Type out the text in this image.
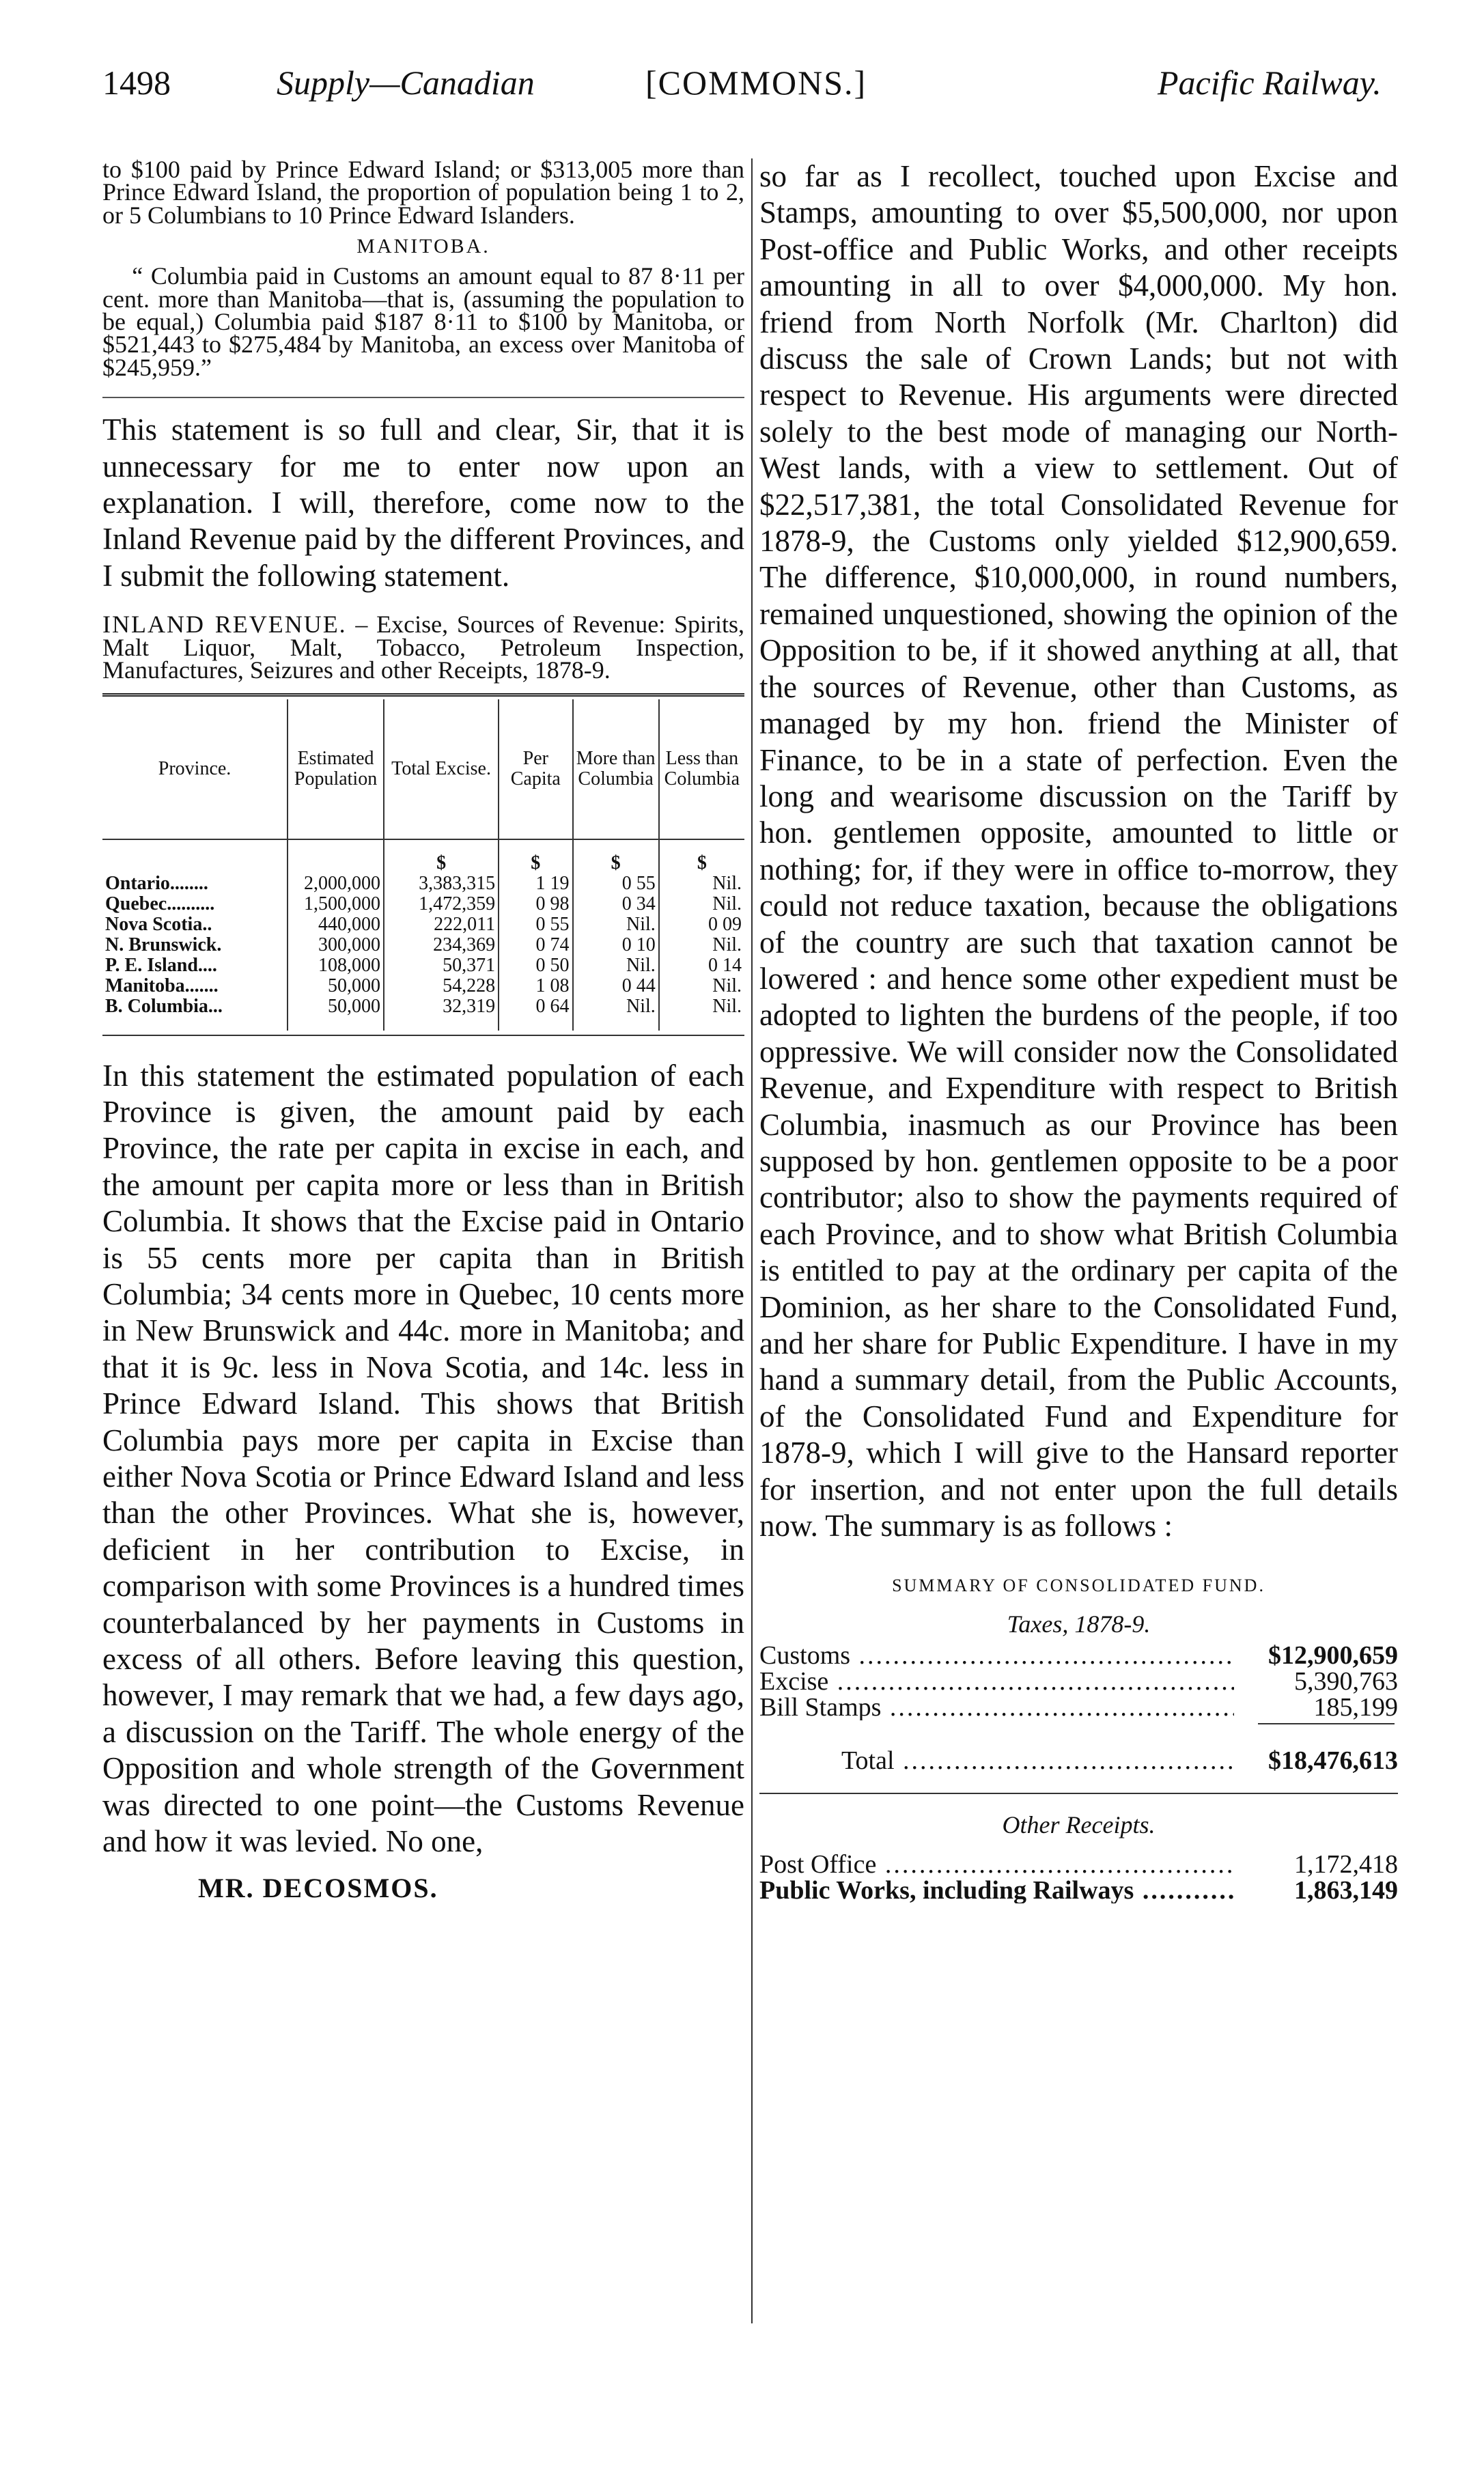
1498	Supply—Canadian	[COMMONS.]	Pacific Railway.

to $100 paid by Prince Edward Island; or $313,005 more than Prince Edward Island, the proportion of population being 1 to 2, or 5 Columbians to 10 Prince Edward Islanders.

MANITOBA.

“ Columbia paid in Customs an amount equal to 87 8·11 per cent. more than Manitoba—that is, (assuming the population to be equal,) Columbia paid $187 8·11 to $100 by Manitoba, or $521,443 to $275,484 by Manitoba, an excess over Manitoba of $245,959.”

This statement is so full and clear, Sir, that it is unnecessary for me to enter now upon an explanation. I will, therefore, come now to the Inland Revenue paid by the different Provinces, and I submit the following statement.

INLAND REVENUE. – Excise, Sources of Revenue: Spirits, Malt Liquor, Malt, Tobacco, Petroleum Inspection, Manufactures, Seizures and other Receipts, 1878-9.

Province.	Estimated Population	Total Excise.	Per Capita	More than Columbia	Less than Columbia
		$	$	$	$
Ontario........	2,000,000	3,383,315	1 19	0 55	Nil.
Quebec..........	1,500,000	1,472,359	0 98	0 34	Nil.
Nova Scotia..	440,000	222,011	0 55	Nil.	0 09
N. Brunswick.	300,000	234,369	0 74	0 10	Nil.
P. E. Island....	108,000	50,371	0 50	Nil.	0 14
Manitoba.......	50,000	54,228	1 08	0 44	Nil.
B. Columbia...	50,000	32,319	0 64	Nil.	Nil.

In this statement the estimated population of each Province is given, the amount paid by each Province, the rate per capita in excise in each, and the amount per capita more or less than in British Columbia. It shows that the Excise paid in Ontario is 55 cents more per capita than in British Columbia; 34 cents more in Quebec, 10 cents more in New Brunswick and 44c. more in Manitoba; and that it is 9c. less in Nova Scotia, and 14c. less in Prince Edward Island. This shows that British Columbia pays more per capita in Excise than either Nova Scotia or Prince Edward Island and less than the other Provinces. What she is, however, deficient in her contribution to Excise, in comparison with some Provinces is a hundred times counterbalanced by her payments in Customs in excess of all others. Before leaving this question, however, I may remark that we had, a few days ago, a discussion on the Tariff. The whole energy of the Opposition and whole strength of the Government was directed to one point—the Customs Revenue and how it was levied. No one,

MR. DECOSMOS.

so far as I recollect, touched upon Excise and Stamps, amounting to over $5,500,000, nor upon Post-office and Public Works, and other receipts amounting in all to over $4,000,000. My hon. friend from North Norfolk (Mr. Charlton) did discuss the sale of Crown Lands; but not with respect to Revenue. His arguments were directed solely to the best mode of managing our North-West lands, with a view to settlement. Out of $22,517,381, the total Consolidated Revenue for 1878-9, the Customs only yielded $12,900,659. The difference, $10,000,000, in round numbers, remained unquestioned, showing the opinion of the Opposition to be, if it showed anything at all, that the sources of Revenue, other than Customs, as managed by my hon. friend the Minister of Finance, to be in a state of perfection. Even the long and wearisome discussion on the Tariff by hon. gentlemen opposite, amounted to little or nothing; for, if they were in office to-morrow, they could not reduce taxation, because the obligations of the country are such that taxation cannot be lowered : and hence some other expedient must be adopted to lighten the burdens of the people, if too oppressive. We will consider now the Consolidated Revenue, and Expenditure with respect to British Columbia, inasmuch as our Province has been supposed by hon. gentlemen opposite to be a poor contributor; also to show the payments required of each Province, and to show what British Columbia is entitled to pay at the ordinary per capita of the Dominion, as her share to the Consolidated Fund, and her share for Public Expenditure. I have in my hand a summary detail, from the Public Accounts, of the Consolidated Fund and Expenditure for 1878-9, which I will give to the Hansard reporter for insertion, and not enter upon the full details now. The summary is as follows :

SUMMARY OF CONSOLIDATED FUND.
Taxes, 1878-9.
Customs .....	$12,900,659
Excise .....	5,390,763
Bill Stamps .....	185,199
Total .....	$18,476,613
Other Receipts.
Post Office .....	1,172,418
Public Works, including Railways .....	1,863,149
